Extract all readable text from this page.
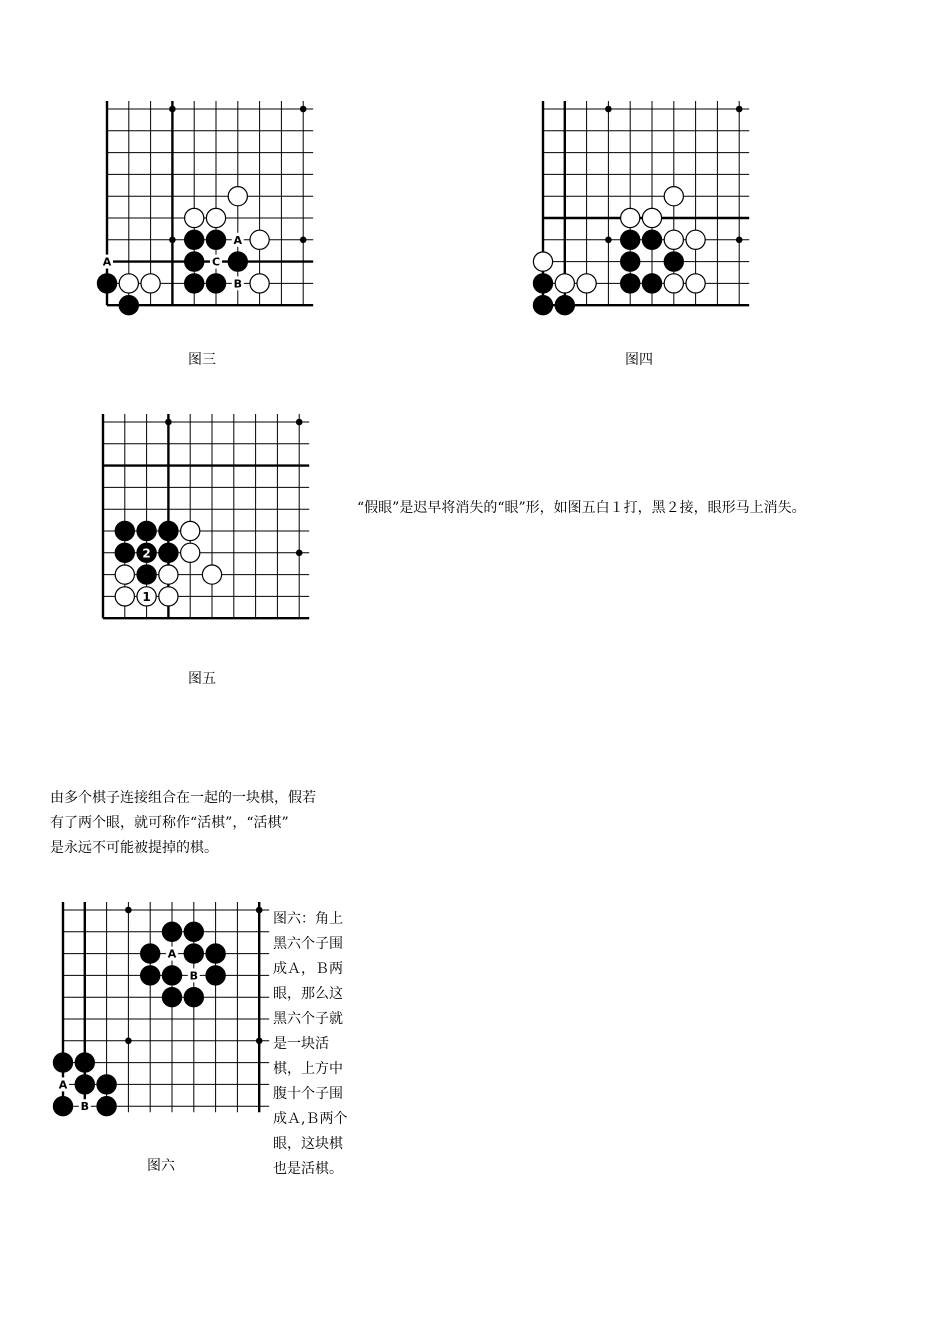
A
C
A
B
图三	图四
2
1
图五

“假眼”是迟早将消失的“眼”形，如图五白１打，黑２接，眼形马上消失。

由多个棋子连接组合在一起的一块棋，假若

有了两个眼，就可称作“活棋”，“活棋”

是永远不可能被提掉的棋。

A
B
A
B
图六

图六：角上

黑六个子围

成Ａ，Ｂ两

眼，那么这

黑六个子就

是一块活

棋，上方中

腹十个子围

成Ａ,Ｂ两个

眼，这块棋

也是活棋。
